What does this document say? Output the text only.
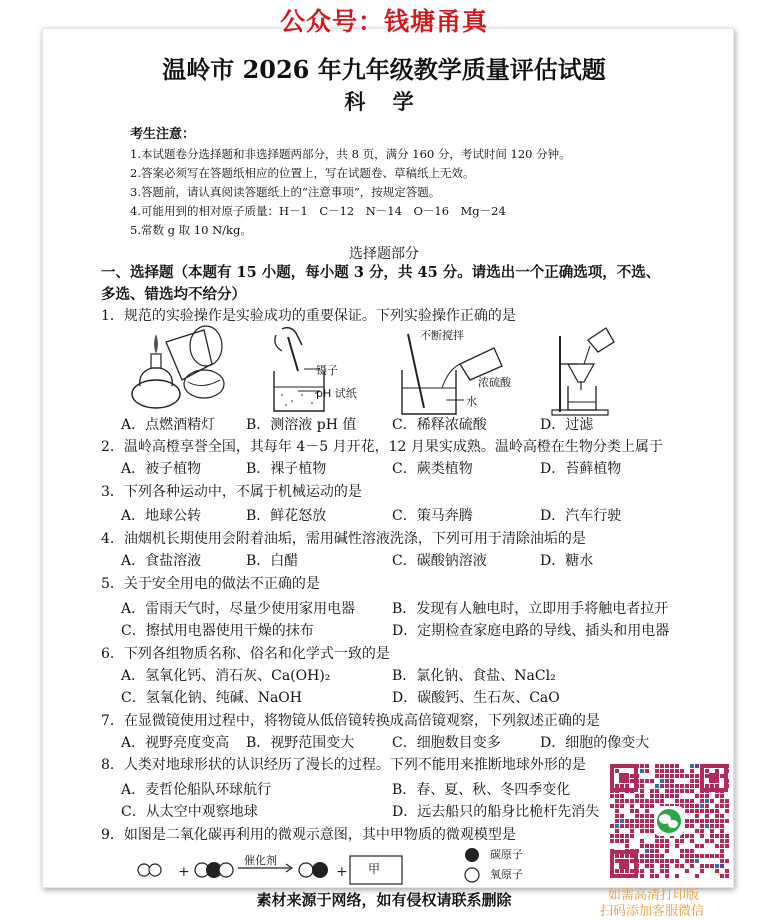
公众号：钱塘甬真
温岭市 2026 年九年级教学质量评估试题
科 学
考生注意：
1.本试题卷分选择题和非选择题两部分，共 8 页，满分 160 分，考试时间 120 分钟。
2.答案必须写在答题纸相应的位置上，写在试题卷、草稿纸上无效。
3.答题前，请认真阅读答题纸上的“注意事项”，按规定答题。
4.可能用到的相对原子质量：H－1　C－12　N－14　O－16　Mg－24
5.常数 g 取 10 N/kg。
选择题部分
一、选择题（本题有 15 小题，每小题 3 分，共 45 分。请选出一个正确选项，不选、多选、错选均不给分）
1．规范的实验操作是实验成功的重要保证。下列实验操作正确的是
镊子
pH 试纸
不断搅拌
浓硫酸
水
A．点燃酒精灯 B．测溶液 pH 值	C．稀释浓硫酸	D．过滤
2．温岭高橙享誉全国，其每年 4－5 月开花，12 月果实成熟。温岭高橙在生物分类上属于
A．被子植物	B．裸子植物	C．蕨类植物	D．苔藓植物
3．下列各种运动中，不属于机械运动的是
A．地球公转	B．鲜花怒放	C．策马奔腾	D．汽车行驶
4．油烟机长期使用会附着油垢，需用碱性溶液洗涤，下列可用于清除油垢的是
A．食盐溶液	B．白醋	C．碳酸钠溶液	D．糖水
5．关于安全用电的做法不正确的是
A．雷雨天气时，尽量少使用家用电器	B．发现有人触电时，立即用手将触电者拉开
C．擦拭用电器使用干燥的抹布	D．定期检查家庭电路的导线、插头和用电器
6．下列各组物质名称、俗名和化学式一致的是
A．氢氧化钙、消石灰、Ca(OH)₂	B．氯化钠、食盐、NaCl₂
C．氢氧化钠、纯碱、NaOH	D．碳酸钙、生石灰、CaO
7．在显微镜使用过程中，将物镜从低倍镜转换成高倍镜观察，下列叙述正确的是
A．视野亮度变高 B．视野范围变大	C．细胞数目变多	D．细胞的像变大
8．人类对地球形状的认识经历了漫长的过程。下列不能用来推断地球外形的是
A．麦哲伦船队环球航行	B．春、夏、秋、冬四季变化
C．从太空中观察地球	D．远去船只的船身比桅杆先消失
9．如图是二氧化碳再利用的微观示意图，其中甲物质的微观模型是
+	+
催化剂
甲
碳原子
氧原子
素材来源于网络，如有侵权请联系删除	如需高清打印版
扫码添加客服微信
